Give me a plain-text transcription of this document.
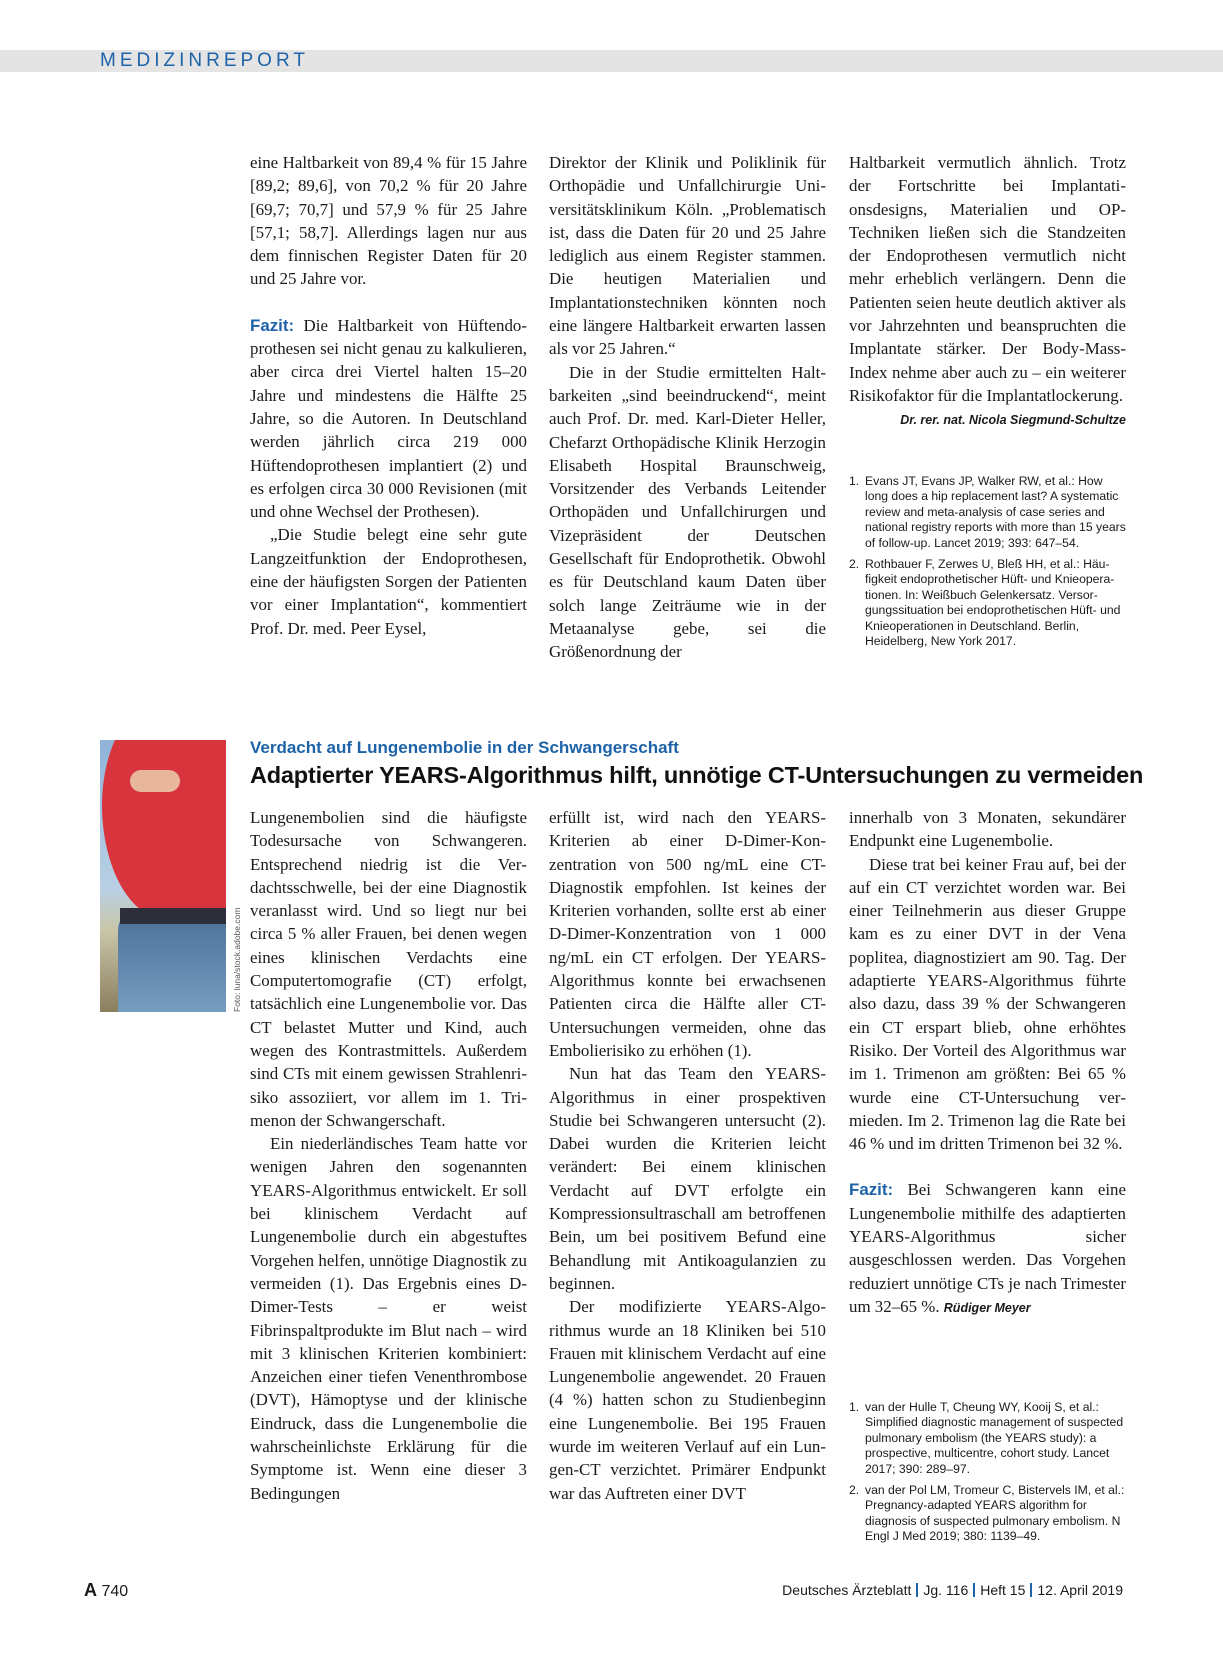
MEDIZINREPORT

eine Haltbarkeit von 89,4 % für 15 Jahre [89,2; 89,6], von 70,2 % für 20 Jahre [69,7; 70,7] und 57,9 % für 25 Jahre [57,1; 58,7]. Allerdings lagen nur aus dem finnischen Register Daten für 20 und 25 Jahre vor.

Fazit: Die Haltbarkeit von Hüftendoprothesen sei nicht genau zu kalkulieren, aber circa drei Viertel halten 15–20 Jahre und mindestens die Hälfte 25 Jahre, so die Autoren. In Deutschland werden jährlich circa 219 000 Hüftendoprothesen implantiert (2) und es erfolgen circa 30 000 Revisionen (mit und ohne Wechsel der Prothesen).

„Die Studie belegt eine sehr gute Langzeitfunktion der Endoprothesen, eine der häufigsten Sorgen der Patienten vor einer Implantation“, kommentiert Prof. Dr. med. Peer Eysel,

Direktor der Klinik und Poliklinik für Orthopädie und Unfallchirurgie Universitätsklinikum Köln. „Problematisch ist, dass die Daten für 20 und 25 Jahre lediglich aus einem Register stammen. Die heutigen Materialien und Implantationstechniken könnten noch eine längere Haltbarkeit erwarten lassen als vor 25 Jahren.“

Die in der Studie ermittelten Haltbarkeiten „sind beeindruckend“, meint auch Prof. Dr. med. Karl-Dieter Heller, Chefarzt Orthopädische Klinik Herzogin Elisabeth Hospital Braunschweig, Vorsitzender des Verbands Leitender Orthopäden und Unfallchirurgen und Vizepräsident der Deutschen Gesellschaft für Endoprothetik. Obwohl es für Deutschland kaum Daten über solch lange Zeiträume wie in der Metaanalyse gebe, sei die Größenordnung der

Haltbarkeit vermutlich ähnlich. Trotz der Fortschritte bei Implantationsdesigns, Materialien und OP-Techniken ließen sich die Standzeiten der Endoprothesen vermutlich nicht mehr erheblich verlängern. Denn die Patienten seien heute deutlich aktiver als vor Jahrzehnten und beanspruchten die Implantate stärker. Der Body-Mass-Index nehme aber auch zu – ein weiterer Risikofaktor für die Implantatlockerung.

Dr. rer. nat. Nicola Siegmund-Schultze

1. Evans JT, Evans JP, Walker RW, et al.: How long does a hip replacement last? A systematic review and meta-analysis of case series and national registry reports with more than 15 years of follow-up. Lancet 2019; 393: 647–54.
2. Rothbauer F, Zerwes U, Bleß HH, et al.: Häufigkeit endoprothetischer Hüft- und Knieoperationen. In: Weißbuch Gelenkersatz. Versorgungssituation bei endoprothetischen Hüft- und Knieoperationen in Deutschland. Berlin, Heidelberg, New York 2017.
Foto: luna/stock.adobe.com
Verdacht auf Lungenembolie in der Schwangerschaft
Adaptierter YEARS-Algorithmus hilft, unnötige CT-Untersuchungen zu vermeiden

Lungenembolien sind die häufigste Todesursache von Schwangeren. Entsprechend niedrig ist die Verdachtsschwelle, bei der eine Diagnostik veranlasst wird. Und so liegt nur bei circa 5 % aller Frauen, bei denen wegen eines klinischen Verdachts eine Computertomografie (CT) erfolgt, tatsächlich eine Lungenembolie vor. Das CT belastet Mutter und Kind, auch wegen des Kontrastmittels. Außerdem sind CTs mit einem gewissen Strahlenrisiko assoziiert, vor allem im 1. Trimenon der Schwangerschaft.

Ein niederländisches Team hatte vor wenigen Jahren den sogenannten YEARS-Algorithmus entwickelt. Er soll bei klinischem Verdacht auf Lungenembolie durch ein abgestuftes Vorgehen helfen, unnötige Diagnostik zu vermeiden (1). Das Ergebnis eines D-Dimer-Tests – er weist Fibrinspaltprodukte im Blut nach – wird mit 3 klinischen Kriterien kombiniert: Anzeichen einer tiefen Venenthrombose (DVT), Hämoptyse und der klinische Eindruck, dass die Lungenembolie die wahrscheinlichste Erklärung für die Symptome ist. Wenn eine dieser 3 Bedingungen

erfüllt ist, wird nach den YEARS-Kriterien ab einer D-Dimer-Konzentration von 500 ng/mL eine CT-Diagnostik empfohlen. Ist keines der Kriterien vorhanden, sollte erst ab einer D-Dimer-Konzentration von 1 000 ng/mL ein CT erfolgen. Der YEARS-Algorithmus konnte bei erwachsenen Patienten circa die Hälfte aller CT-Untersuchungen vermeiden, ohne das Embolierisiko zu erhöhen (1).

Nun hat das Team den YEARS-Algorithmus in einer prospektiven Studie bei Schwangeren untersucht (2). Dabei wurden die Kriterien leicht verändert: Bei einem klinischen Verdacht auf DVT erfolgte ein Kompressionsultraschall am betroffenen Bein, um bei positivem Befund eine Behandlung mit Antikoagulanzien zu beginnen.

Der modifizierte YEARS-Algorithmus wurde an 18 Kliniken bei 510 Frauen mit klinischem Verdacht auf eine Lungenembolie angewendet. 20 Frauen (4 %) hatten schon zu Studienbeginn eine Lungenembolie. Bei 195 Frauen wurde im weiteren Verlauf auf ein Lungen-CT verzichtet. Primärer Endpunkt war das Auftreten einer DVT

innerhalb von 3 Monaten, sekundärer Endpunkt eine Lugenembolie.

Diese trat bei keiner Frau auf, bei der auf ein CT verzichtet worden war. Bei einer Teilnehmerin aus dieser Gruppe kam es zu einer DVT in der Vena poplitea, diagnostiziert am 90. Tag. Der adaptierte YEARS-Algorithmus führte also dazu, dass 39 % der Schwangeren ein CT erspart blieb, ohne erhöhtes Risiko. Der Vorteil des Algorithmus war im 1. Trimenon am größten: Bei 65 % wurde eine CT-Untersuchung vermieden. Im 2. Trimenon lag die Rate bei 46 % und im dritten Trimenon bei 32 %.

Fazit: Bei Schwangeren kann eine Lungenembolie mithilfe des adaptierten YEARS-Algorithmus sicher ausgeschlossen werden. Das Vorgehen reduziert unnötige CTs je nach Trimester um 32–65 %. Rüdiger Meyer

1. van der Hulle T, Cheung WY, Kooij S, et al.: Simplified diagnostic management of suspected pulmonary embolism (the YEARS study): a prospective, multicentre, cohort study. Lancet 2017; 390: 289–97.
2. van der Pol LM, Tromeur C, Bistervels IM, et al.: Pregnancy-adapted YEARS algorithm for diagnosis of suspected pulmonary embolism. N Engl J Med 2019; 380: 1139–49.
A 740	Deutsches Ärzteblatt Jg. 116 Heft 15 12. April 2019
